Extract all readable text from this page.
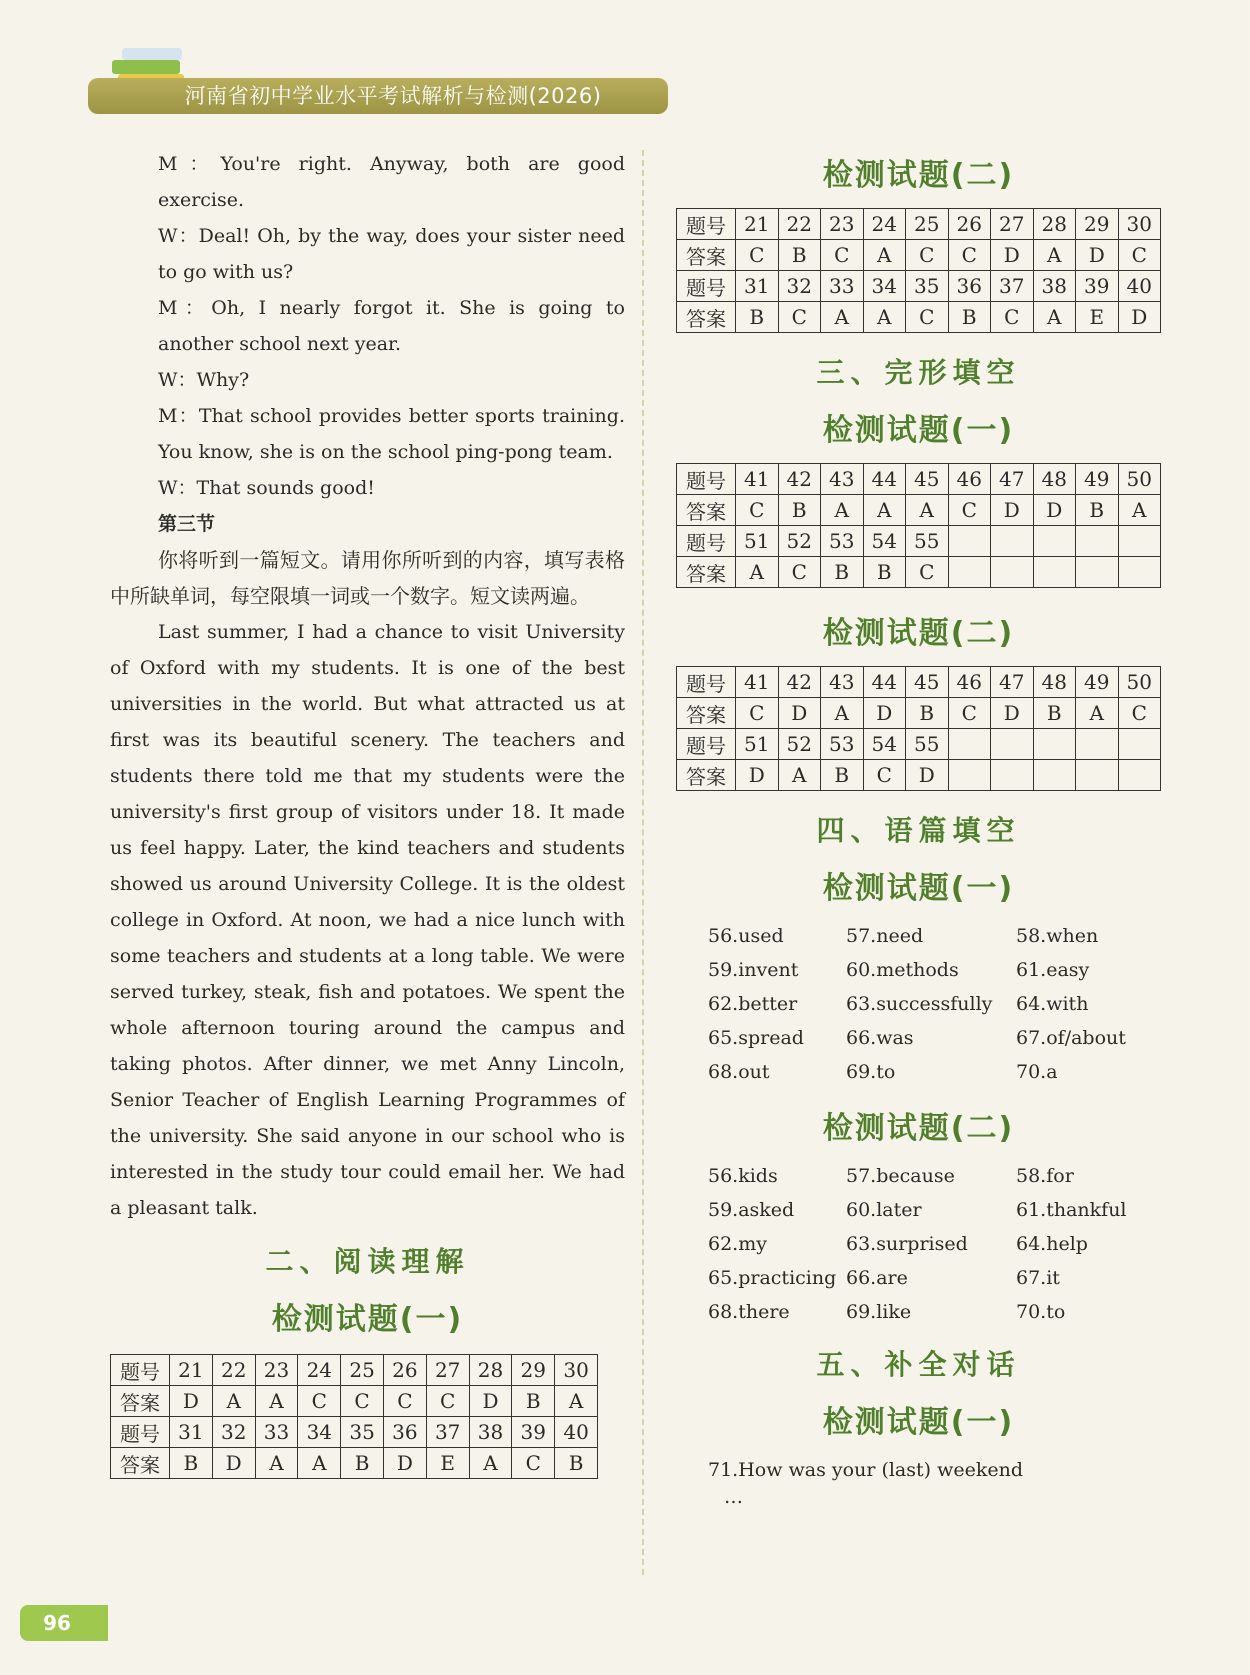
河南省初中学业水平考试解析与检测(2026)
M：You're right. Anyway, both are good exercise.
W：Deal! Oh, by the way, does your sister need to go with us?
M：Oh, I nearly forgot it. She is going to another school next year.
W：Why?
M：That school provides better sports training. You know, she is on the school ping-pong team.
W：That sounds good!
第三节
你将听到一篇短文。请用你所听到的内容，填写表格中所缺单词，每空限填一词或一个数字。短文读两遍。
Last summer, I had a chance to visit University of Oxford with my students. It is one of the best universities in the world. But what attracted us at first was its beautiful scenery. The teachers and students there told me that my students were the university's first group of visitors under 18. It made us feel happy. Later, the kind teachers and students showed us around University College. It is the oldest college in Oxford. At noon, we had a nice lunch with some teachers and students at a long table. We were served turkey, steak, fish and potatoes. We spent the whole afternoon touring around the campus and taking photos. After dinner, we met Anny Lincoln, Senior Teacher of English Learning Programmes of the university. She said anyone in our school who is interested in the study tour could email her. We had a pleasant talk.
二、阅读理解
检测试题(一)
题号	21	22	23	24	25	26	27	28	29	30
答案	D	A	A	C	C	C	C	D	B	A
题号	31	32	33	34	35	36	37	38	39	40
答案	B	D	A	A	B	D	E	A	C	B
检测试题(二)
题号	21	22	23	24	25	26	27	28	29	30
答案	C	B	C	A	C	C	D	A	D	C
题号	31	32	33	34	35	36	37	38	39	40
答案	B	C	A	A	C	B	C	A	E	D
三、完形填空
检测试题(一)
题号	41	42	43	44	45	46	47	48	49	50
答案	C	B	A	A	A	C	D	D	B	A
题号	51	52	53	54	55					
答案	A	C	B	B	C					
检测试题(二)
题号	41	42	43	44	45	46	47	48	49	50
答案	C	D	A	D	B	C	D	B	A	C
题号	51	52	53	54	55					
答案	D	A	B	C	D					
四、语篇填空
检测试题(一)
56.used	57.need	58.when
59.invent	60.methods	61.easy
62.better	63.successfully	64.with
65.spread	66.was	67.of/about
68.out	69.to	70.a
检测试题(二)
56.kids	57.because	58.for
59.asked	60.later	61.thankful
62.my	63.surprised	64.help
65.practicing 66.are	67.it
68.there	69.like	70.to
五、补全对话
检测试题(一)
71.How was your (last) weekend
…
96
